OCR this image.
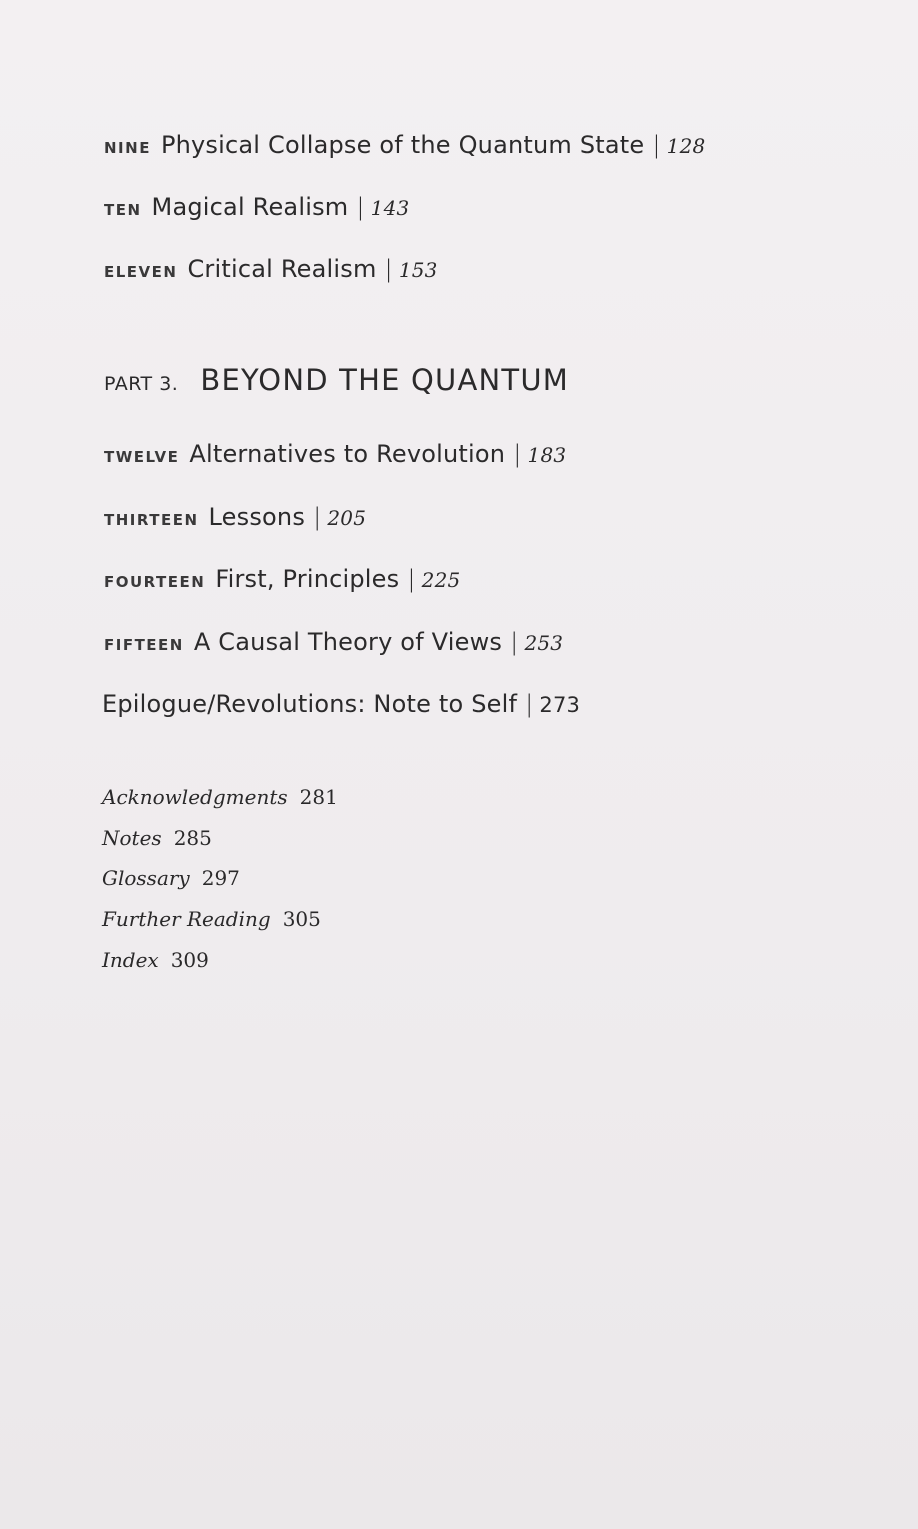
NINE Physical Collapse of the Quantum State | 128
TEN Magical Realism | 143
ELEVEN Critical Realism | 153
PART 3. BEYOND THE QUANTUM
TWELVE Alternatives to Revolution | 183
THIRTEEN Lessons | 205
FOURTEEN First, Principles | 225
FIFTEEN A Causal Theory of Views | 253
Epilogue/Revolutions: Note to Self | 273
Acknowledgments 281
Notes 285
Glossary 297
Further Reading 305
Index 309
